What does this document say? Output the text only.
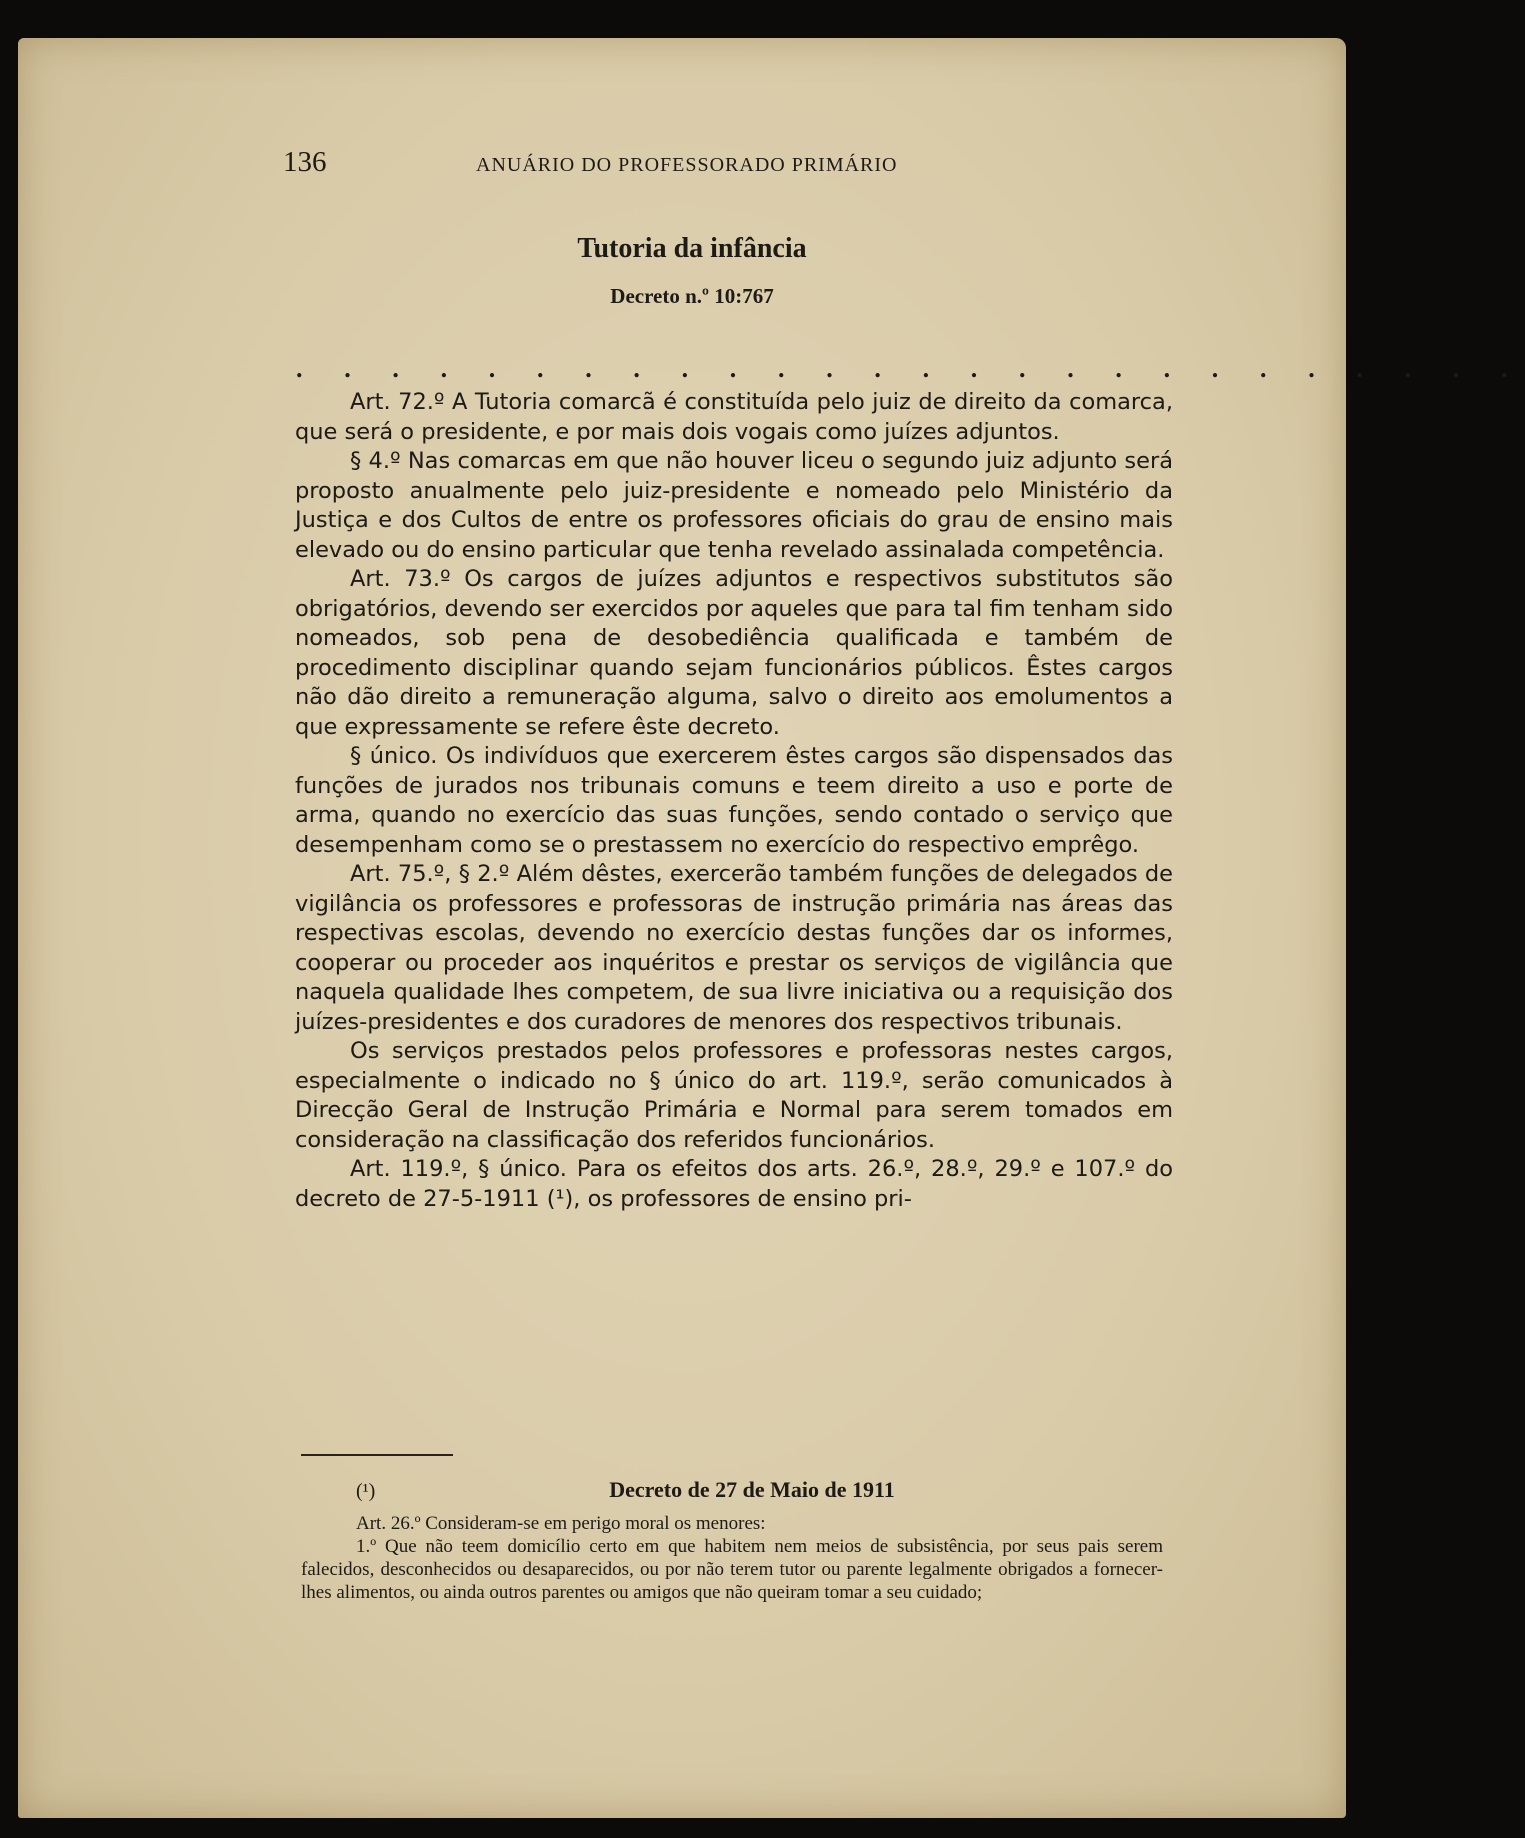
136	ANUÁRIO DO PROFESSORADO PRIMÁRIO
Tutoria da infância
Decreto n.º 10:767
. . . . . . . . . . . . . . . . . . . . . . . . . .

Art. 72.º A Tutoria comarcã é constituída pelo juiz de direito da comarca, que será o presidente, e por mais dois vogais como juízes adjuntos.

§ 4.º Nas comarcas em que não houver liceu o segundo juiz adjunto será proposto anualmente pelo juiz-presidente e nomeado pelo Ministério da Justiça e dos Cultos de entre os professores oficiais do grau de ensino mais elevado ou do ensino particular que tenha revelado assinalada competência.

Art. 73.º Os cargos de juízes adjuntos e respectivos substitutos são obrigatórios, devendo ser exercidos por aqueles que para tal fim tenham sido nomeados, sob pena de desobediência qualificada e também de procedimento disciplinar quando sejam funcionários públicos. Êstes cargos não dão direito a remuneração alguma, salvo o direito aos emolumentos a que expressamente se refere êste decreto.

§ único. Os indivíduos que exercerem êstes cargos são dispensados das funções de jurados nos tribunais comuns e teem direito a uso e porte de arma, quando no exercício das suas funções, sendo contado o serviço que desempenham como se o prestassem no exercício do respectivo emprêgo.

Art. 75.º, § 2.º Além dêstes, exercerão também funções de delegados de vigilância os professores e professoras de instrução primária nas áreas das respectivas escolas, devendo no exercício destas funções dar os informes, cooperar ou proceder aos inquéritos e prestar os serviços de vigilância que naquela qualidade lhes competem, de sua livre iniciativa ou a requisição dos juízes-presidentes e dos curadores de menores dos respectivos tribunais.

Os serviços prestados pelos professores e professoras nestes cargos, especialmente o indicado no § único do art. 119.º, serão comunicados à Direcção Geral de Instrução Primária e Normal para serem tomados em consideração na classificação dos referidos funcionários.

Art. 119.º, § único. Para os efeitos dos arts. 26.º, 28.º, 29.º e 107.º do decreto de 27-5-1911 (¹), os professores de ensino pri-

(¹)	Decreto de 27 de Maio de 1911

Art. 26.º Consideram-se em perigo moral os menores:

1.º Que não teem domicílio certo em que habitem nem meios de subsistência, por seus pais serem falecidos, desconhecidos ou desaparecidos, ou por não terem tutor ou parente legalmente obrigados a fornecer-lhes alimentos, ou ainda outros parentes ou amigos que não queiram tomar a seu cuidado;
